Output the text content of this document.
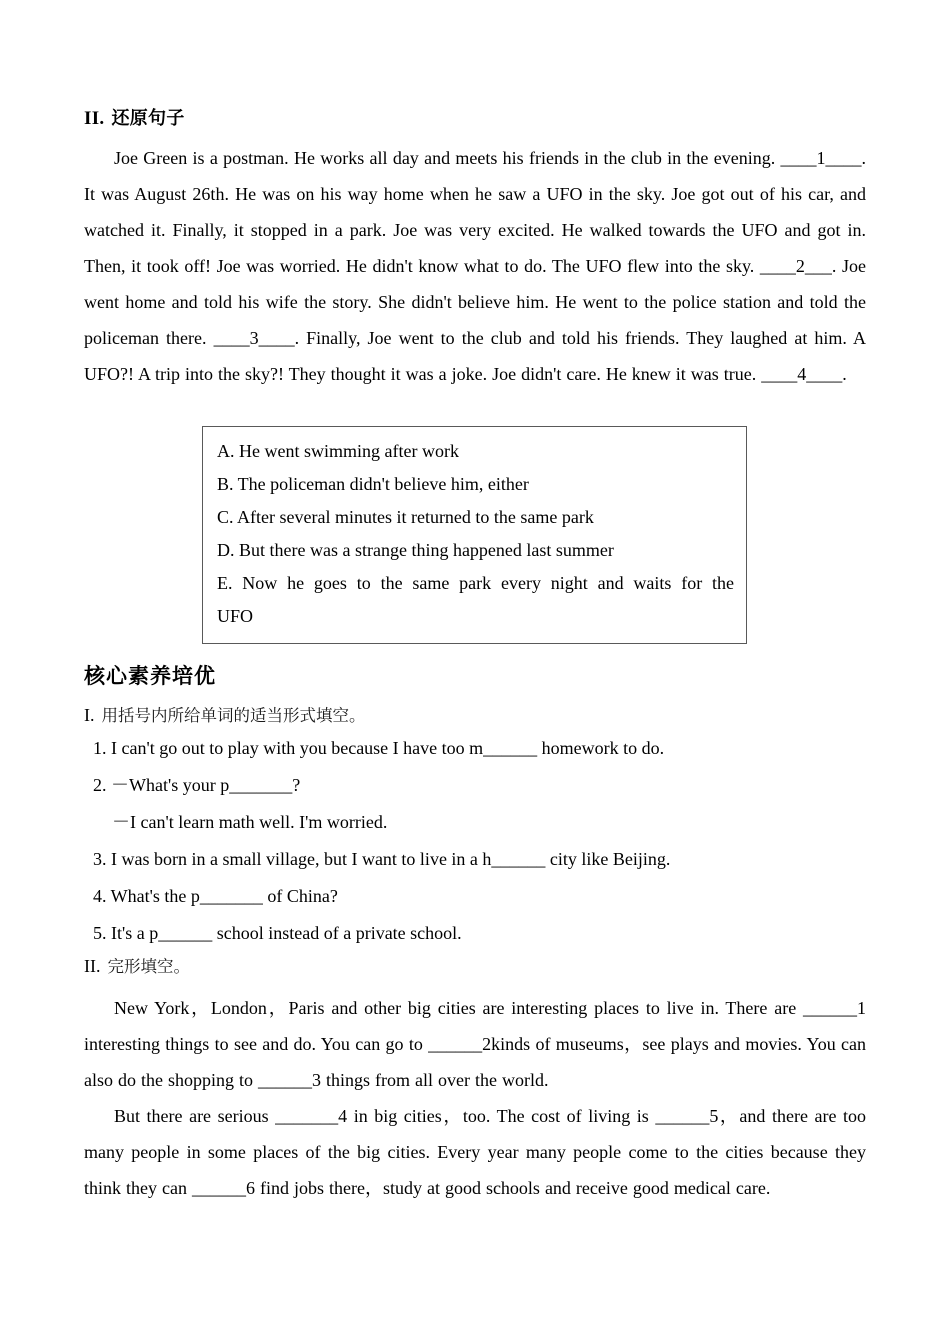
II. 还原句子

Joe Green is a postman. He works all day and meets his friends in the club in the evening. ____1____. It was August 26th. He was on his way home when he saw a UFO in the sky. Joe got out of his car, and watched it. Finally, it stopped in a park. Joe was very excited. He walked towards the UFO and got in. Then, it took off! Joe was worried. He didn't know what to do. The UFO flew into the sky. ____2___. Joe went home and told his wife the story. She didn't believe him. He went to the police station and told the policeman there. ____3____. Finally, Joe went to the club and told his friends. They laughed at him. A UFO?! A trip into the sky?! They thought it was a joke. Joe didn't care. He knew it was true. ____4____.

A. He went swimming after work

B. The policeman didn't believe him, either

C. After several minutes it returned to the same park

D. But there was a strange thing happened last summer

E. Now he goes to the same park every night and waits for the

UFO

核心素养培优
I. 用括号内所给单词的适当形式填空。

1. I can't go out to play with you because I have too m______ homework to do.

2. －What's your p_______?

－I can't learn math well. I'm worried.

3. I was born in a small village, but I want to live in a h______ city like Beijing.

4. What's the p_______ of China?

5. It's a p______ school instead of a private school.

II. 完形填空。

New York，London，Paris and other big cities are interesting places to live in. There are ______1 interesting things to see and do. You can go to ______2kinds of museums，see plays and movies. You can also do the shopping to ______3 things from all over the world.

But there are serious _______4 in big cities，too. The cost of living is ______5，and there are too many people in some places of the big cities. Every year many people come to the cities because they think they can ______6 find jobs there，study at good schools and receive good medical care.
